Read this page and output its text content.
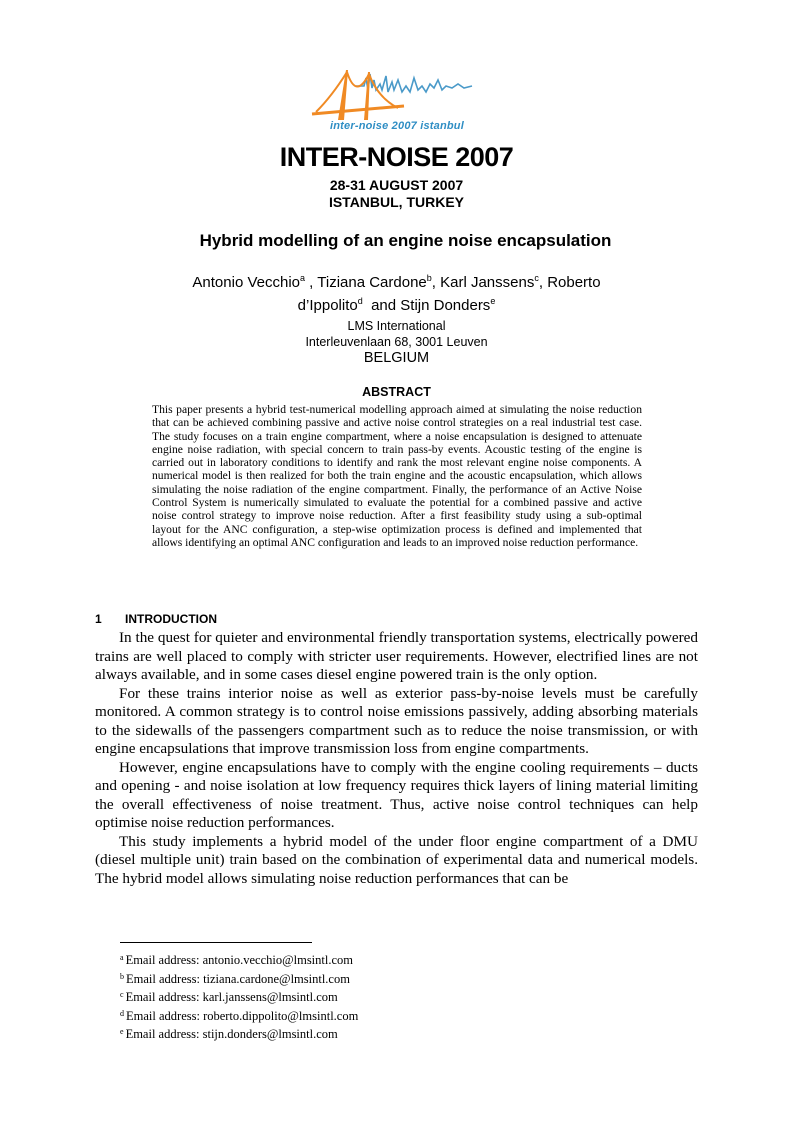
inter-noise 2007 istanbul
INTER-NOISE 2007
28-31 AUGUST 2007
ISTANBUL, TURKEY
Hybrid modelling of an engine noise encapsulation
Antonio Vecchio$^a$ , Tiziana Cardone$^b$, Karl Janssens$^c$, Roberto d’Ippolito$^d$  and Stijn Donders$^e$
LMS International
Interleuvenlaan 68, 3001 Leuven
BELGIUM
ABSTRACT
This paper presents a hybrid test-numerical modelling approach aimed at simulating the noise reduction that can be achieved combining passive and active noise control strategies on a real industrial test case. The study focuses on a train engine compartment, where a noise encapsulation is designed to attenuate engine noise radiation, with special concern to train pass-by events. Acoustic testing of the engine is carried out in laboratory conditions to identify and rank the most relevant engine noise components. A numerical model is then realized for both the train engine and the acoustic encapsulation, which allows simulating the noise radiation of the engine compartment. Finally, the performance of an Active Noise Control System is numerically simulated to evaluate the potential for a combined passive and active noise control strategy to improve noise reduction. After a first feasibility study using a sub-optimal layout for the ANC configuration, a step-wise optimization process is defined and implemented that allows identifying an optimal ANC configuration and leads to an improved noise reduction performance.
1 INTRODUCTION

In the quest for quieter and environmental friendly transportation systems, electrically powered trains are well placed to comply with stricter user requirements. However, electrified lines are not always available, and in some cases diesel engine powered train is the only option.

For these trains interior noise as well as exterior pass-by-noise levels must be carefully monitored. A common strategy is to control noise emissions passively, adding absorbing materials to the sidewalls of the passengers compartment such as to reduce the noise transmission, or with engine encapsulations that improve transmission loss from engine compartments.

However, engine encapsulations have to comply with the engine cooling requirements – ducts and opening - and noise isolation at low frequency requires thick layers of lining material limiting the overall effectiveness of noise treatment. Thus, active noise control techniques can help optimise noise reduction performances.

This study implements a hybrid model of the under floor engine compartment of a DMU (diesel multiple unit) train based on the combination of experimental data and numerical models. The hybrid model allows simulating noise reduction performances that can be

$^a$ Email address: antonio.vecchio@lmsintl.com
$^b$ Email address: tiziana.cardone@lmsintl.com
$^c$ Email address: karl.janssens@lmsintl.com
$^d$ Email address: roberto.dippolito@lmsintl.com
$^e$ Email address: stijn.donders@lmsintl.com
